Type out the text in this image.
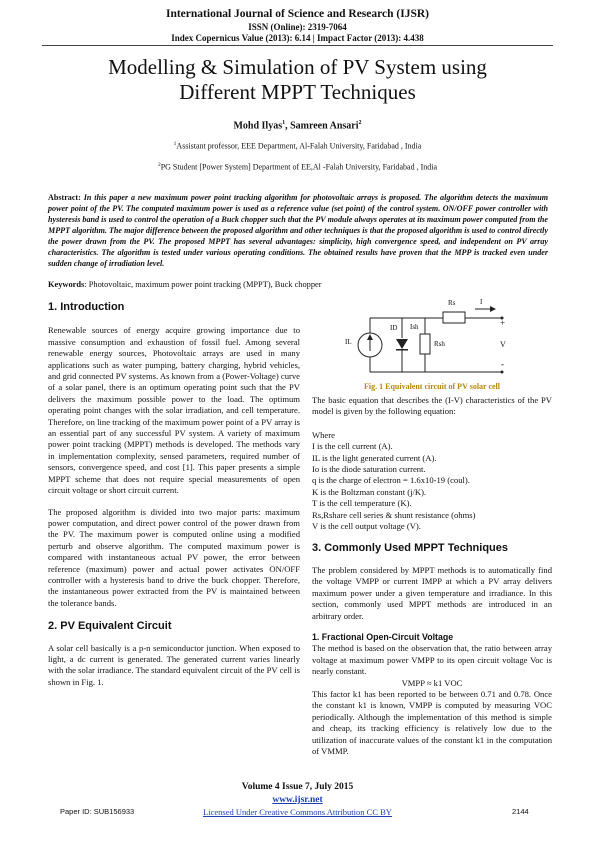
International Journal of Science and Research (IJSR)
ISSN (Online): 2319-7064
Index Copernicus Value (2013): 6.14 | Impact Factor (2013): 4.438
Modelling & Simulation of PV System using
Different MPPT Techniques
Mohd Ilyas$^1$, Samreen Ansari$^2$
$^1$Assistant professor, EEE Department, Al-Falah University, Faridabad , India
$^2$PG Student [Power System] Department of EE,Al -Falah University, Faridabad , India
Abstract: In this paper a new maximum power point tracking algorithm for photovoltaic arrays is proposed. The algorithm detects the maximum power point of the PV. The computed maximum power is used as a reference value (set point) of the control system. ON/OFF power controller with hysteresis band is used to control the operation of a Buck chopper such that the PV module always operates at its maximum power computed from the MPPT algorithm. The major difference between the proposed algorithm and other techniques is that the proposed algorithm is used to control directly the power drawn from the PV. The proposed MPPT has several advantages: simplicity, high convergence speed, and independent on PV array characteristics. The algorithm is tested under various operating conditions. The obtained results have proven that the MPP is tracked even under sudden change of irradiation level.
Keywords: Photovoltaic, maximum power point tracking (MPPT), Buck chopper
1. Introduction

Renewable sources of energy acquire growing importance due to massive consumption and exhaustion of fossil fuel. Among several renewable energy sources, Photovoltaic arrays are used in many applications such as water pumping, battery charging, hybrid vehicles, and grid connected PV systems. As known from a (Power-Voltage) curve of a solar panel, there is an optimum operating point such that the PV delivers the maximum possible power to the load. The optimum operating point changes with the solar irradiation, and cell temperature. Therefore, on line tracking of the maximum power point of a PV array is an essential part of any successful PV system. A variety of maximum power point tracking (MPPT) methods is developed. The methods vary in implementation complexity, sensed parameters, required number of sensors, convergence speed, and cost [1]. This paper presents a simple MPPT scheme that does not require special measurements of open circuit voltage or short circuit current.

The proposed algorithm is divided into two major parts: maximum power computation, and direct power control of the power drawn from the PV. The maximum power is computed online using a modified perturb and observe algorithm. The computed maximum power is compared with instantaneous actual PV power, the error between reference (maximum) power and actual power activates ON/OFF controller with a hysteresis band to drive the buck chopper. Therefore, the instantaneous power extracted from the PV is maintained between the tolerance bands.

2. PV Equivalent Circuit

A solar cell basically is a p-n semiconductor junction. When exposed to light, a dc current is generated. The generated current varies linearly with the solar irradiance. The standard equivalent circuit of the PV cell is shown in Fig. 1.

Rs	I
IL
ID Ish
Rsh
+
V
-
Fig. 1 Equivalent circuit of PV solar cell

The basic equation that describes the (I-V) characteristics of the PV model is given by the following equation:

Where
I is the cell current (A).
IL is the light generated current (A).
Io is the diode saturation current.
q is the charge of electron = 1.6x10-19 (coul).
K is the Boltzman constant (j/K).
T is the cell temperature (K).
Rs,Rshare cell series & shunt resistance (ohms)
V is the cell output voltage (V).
3. Commonly Used MPPT Techniques

The problem considered by MPPT methods is to automatically find the voltage VMPP or current IMPP at which a PV array delivers maximum power under a given temperature and irradiance. In this section, commonly used MPPT methods are introduced in an arbitrary order.

1. Fractional Open-Circuit Voltage

The method is based on the observation that, the ratio between array voltage at maximum power VMPP to its open circuit voltage Voc is nearly constant.

VMPP ≈ k1 VOC

This factor k1 has been reported to be between 0.71 and 0.78. Once the constant k1 is known, VMPP is computed by measuring VOC periodically. Although the implementation of this method is simple and cheap, its tracking efficiency is relatively low due to the utilization of inaccurate values of the constant k1 in the computation of VMMP.

Volume 4 Issue 7, July 2015
www.ijsr.net
Paper ID: SUB156933	Licensed Under Creative Commons Attribution CC BY	2144
